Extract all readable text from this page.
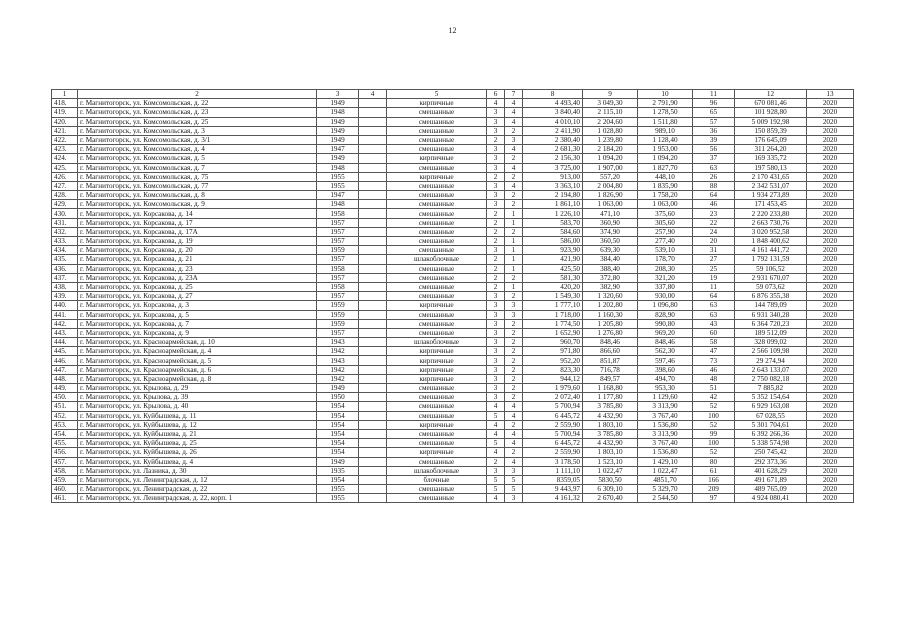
12
1	2	3	4	5	6	7	8	9	10	11	12	13
418.	г. Магнитогорск, ул. Комсомольская, д. 22	1949		кирпичные	4	4	4 493,40	3 049,30	2 791,90	96	670 081,46	2020
419.	г. Магнитогорск, ул. Комсомольская, д. 23	1948		смешанные	3	4	3 840,40	2 115,10	1 278,50	65	101 928,80	2020
420.	г. Магнитогорск, ул. Комсомольская, д. 25	1949		смешанные	3	4	4 010,10	2 204,60	1 511,80	57	5 009 192,98	2020
421.	г. Магнитогорск, ул. Комсомольская, д. 3	1949		смешанные	3	2	2 411,90	1 028,80	989,10	36	150 859,39	2020
422.	г. Магнитогорск, ул. Комсомольская, д. 3/1	1949		смешанные	2	3	2 380,40	1 239,80	1 128,40	39	176 645,09	2020
423.	г. Магнитогорск, ул. Комсомольская, д. 4	1947		смешанные	3	4	2 681,30	2 184,20	1 953,00	56	311 264,20	2020
424.	г. Магнитогорск, ул. Комсомольская, д. 5	1949		кирпичные	3	2	2 156,30	1 094,20	1 094,20	37	169 335,72	2020
425.	г. Магнитогорск, ул. Комсомольская, д. 7	1948		смешанные	3	4	3 725,00	1 907,00	1 827,70	63	197 580,13	2020
426.	г. Магнитогорск, ул. Комсомольская, д. 75	1955		кирпичные	2	2	913,00	557,20	448,10	26	2 170 431,65	2020
427.	г. Магнитогорск, ул. Комсомольская, д. 77	1955		смешанные	3	4	3 363,10	2 004,80	1 835,90	88	2 342 531,07	2020
428.	г. Магнитогорск, ул. Комсомольская, д. 8	1947		смешанные	3	2	2 194,80	1 826,90	1 758,20	64	1 934 273,89	2020
429.	г. Магнитогорск, ул. Комсомольская, д. 9	1948		смешанные	3	2	1 861,10	1 063,00	1 063,00	46	171 453,45	2020
430.	г. Магнитогорск, ул. Корсакова, д. 14	1958		смешанные	2	1	1 226,10	471,10	375,60	23	2 220 233,80	2020
431.	г. Магнитогорск, ул. Корсакова, д. 17	1957		смешанные	2	1	583,70	360,90	305,60	22	2 663 730,76	2020
432.	г. Магнитогорск, ул. Корсакова, д. 17А	1957		смешанные	2	2	584,60	374,90	257,90	24	3 020 952,58	2020
433.	г. Магнитогорск, ул. Корсакова, д. 19	1957		смешанные	2	1	586,00	360,50	277,40	20	1 848 400,62	2020
434.	г. Магнитогорск, ул. Корсакова, д. 20	1959		смешанные	3	1	923,90	639,30	539,10	31	4 161 441,72	2020
435.	г. Магнитогорск, ул. Корсакова, д. 21	1957		шлакоблочные	2	1	421,90	384,40	178,70	27	1 792 131,59	2020
436.	г. Магнитогорск, ул. Корсакова, д. 23	1958		смешанные	2	1	425,50	388,40	208,30	25	59 106,52	2020
437.	г. Магнитогорск, ул. Корсакова, д. 23А	1957		смешанные	2	2	581,30	372,80	321,20	19	2 931 670,07	2020
438.	г. Магнитогорск, ул. Корсакова, д. 25	1958		смешанные	2	1	420,20	382,90	337,80	11	59 073,62	2020
439.	г. Магнитогорск, ул. Корсакова, д. 27	1957		смешанные	3	2	1 549,30	1 320,60	930,00	64	6 876 355,38	2020
440.	г. Магнитогорск, ул. Корсакова, д. 3	1959		кирпичные	3	3	1 777,10	1 202,80	1 096,80	63	144 789,09	2020
441.	г. Магнитогорск, ул. Корсакова, д. 5	1959		смешанные	3	3	1 718,00	1 160,30	828,90	63	6 931 340,28	2020
442.	г. Магнитогорск, ул. Корсакова, д. 7	1959		смешанные	3	2	1 774,50	1 205,80	990,80	43	6 364 720,23	2020
443.	г. Магнитогорск, ул. Корсакова, д. 9	1957		смешанные	3	2	1 652,90	1 276,80	969,20	60	189 512,09	2020
444.	г. Магнитогорск, ул. Красноармейская, д. 10	1943		шлакоблочные	3	2	960,70	848,46	848,46	58	328 099,02	2020
445.	г. Магнитогорск, ул. Красноармейская, д. 4	1942		кирпичные	3	2	971,80	866,60	562,30	47	2 566 109,98	2020
446.	г. Магнитогорск, ул. Красноармейская, д. 5	1943		кирпичные	3	2	952,20	851,87	597,46	73	29 274,94	2020
447.	г. Магнитогорск, ул. Красноармейская, д. 6	1942		кирпичные	3	2	823,30	716,78	398,60	46	2 643 133,07	2020
448.	г. Магнитогорск, ул. Красноармейская, д. 8	1942		кирпичные	3	2	944,12	849,57	494,70	48	2 750 082,18	2020
449.	г. Магнитогорск, ул. Крылова, д. 29	1949		смешанные	3	2	1 979,60	1 168,80	953,30	51	7 885,82	2020
450.	г. Магнитогорск, ул. Крылова, д. 39	1950		смешанные	3	2	2 072,40	1 177,80	1 129,60	42	5 352 154,64	2020
451.	г. Магнитогорск, ул. Крылова, д. 40	1954		смешанные	4	4	5 700,94	3 785,80	3 313,90	52	6 929 163,08	2020
452.	г. Магнитогорск, ул. Куйбышева, д. 11	1954		смешанные	5	4	6 445,72	4 432,90	3 767,40	100	67 028,55	2020
453.	г. Магнитогорск, ул. Куйбышева, д. 12	1954		кирпичные	4	2	2 559,90	1 803,10	1 536,80	52	5 301 704,61	2020
454.	г. Магнитогорск, ул. Куйбышева, д. 21	1954		смешанные	4	4	5 700,94	3 785,80	3 313,90	99	6 392 266,36	2020
455.	г. Магнитогорск, ул. Куйбышева, д. 25	1954		смешанные	5	4	6 445,72	4 432,90	3 767,40	100	5 338 574,98	2020
456.	г. Магнитогорск, ул. Куйбышева, д. 26	1954		кирпичные	4	2	2 559,90	1 803,10	1 536,80	52	250 745,42	2020
457.	г. Магнитогорск, ул. Куйбышева, д. 4	1949		смешанные	2	4	3 178,50	1 523,10	1 429,10	80	292 373,36	2020
458.	г. Магнитогорск, ул. Лазника, д. 30	1935		шлакоблочные	3	3	1 111,10	1 022,47	1 022,47	61	401 628,29	2020
459.	г. Магнитогорск, ул. Ленинградская, д. 12	1954		блочные	5	5	8359,05	5830,50	4851,70	166	491 671,89	2020
460.	г. Магнитогорск, ул. Ленинградская, д. 22	1955		смешанные	5	5	9 443,97	6 309,10	5 329,70	209	489 765,09	2020
461.	г. Магнитогорск, ул. Ленинградская, д. 22, корп. 1	1955		смешанные	4	3	4 161,32	2 670,40	2 544,50	97	4 924 080,41	2020
